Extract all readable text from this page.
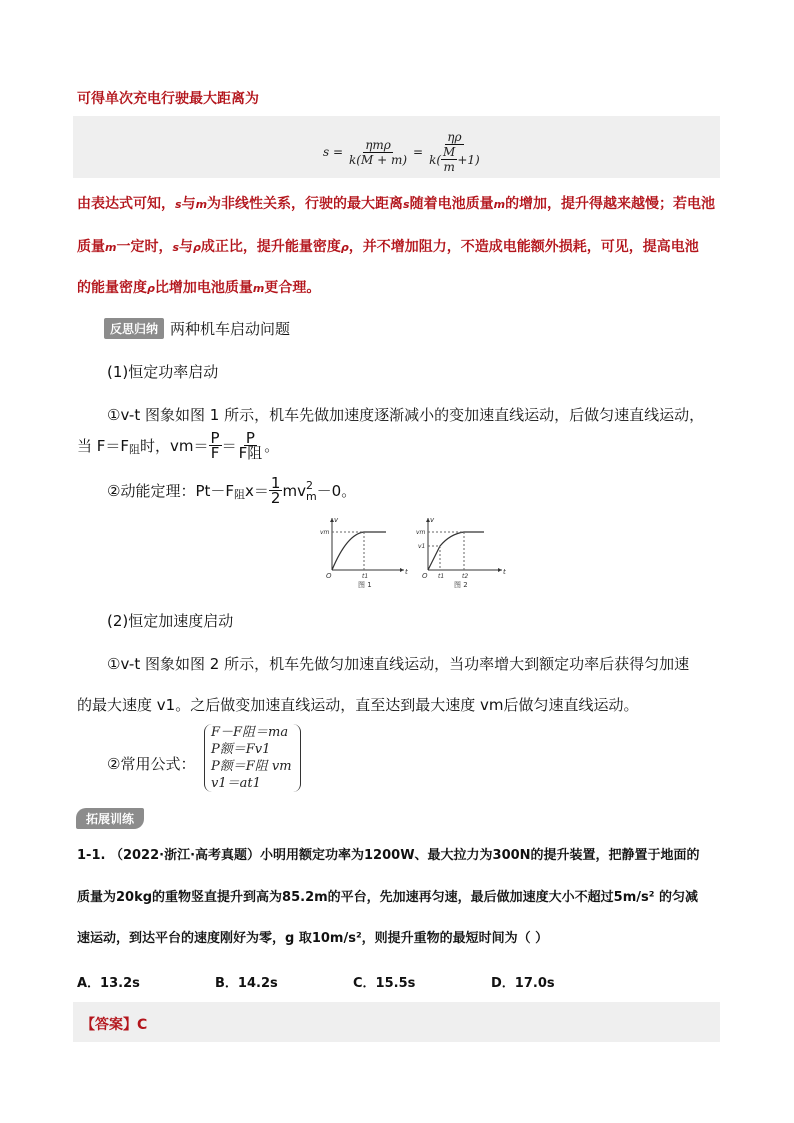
可得单次充电行驶最大距离为
$s = \frac{\text{ηmρ}}{k(M + m)} = \frac{\eta\rho}{k( \frac{M}{m} +1)}$
由表达式可知，s与m为非线性关系，行驶的最大距离s随着电池质量m的增加，提升得越来越慢；若电池
质量m一定时，s与ρ成正比，提升能量密度ρ，并不增加阻力，不造成电能额外损耗，可见，提高电池
的能量密度ρ比增加电池质量m更合理。
反思归纳 两种机车启动问题
(1)恒定功率启动
①v-t 图象如图 1 所示，机车先做加速度逐渐减小的变加速直线运动，后做匀速直线运动，
当 F＝F 阻 时，$vm= \frac{P}{F} = \frac{P}{\text{F阻}}$ 。
②动能定理：Pt－F 阻 $x= \frac{1}{2}$ mv 2
m －0。
v
t
O
vm
t1
图 1
v
t
O
vm
v1
t1	t2
图 2
(2)恒定加速度启动
①v-t 图象如图 2 所示，机车先做匀加速直线运动，当功率增大到额定功率后获得匀加速
的最大速度 v1。之后做变加速直线运动，直至达到最大速度 vm后做匀速直线运动。
②常用公式：
F－F阻＝ma
P额＝Fv1
P额＝F阻 vm
v1＝at1
拓展训练
1-1. （2022·浙江·高考真题）小明用额定功率为1200W、最大拉力为300N的提升装置，把静置于地面的
质量为20kg的重物竖直提升到高为85.2m的平台，先加速再匀速，最后做加速度大小不超过5m/s² 的匀减
速运动，到达平台的速度刚好为零，g 取10m/s²，则提升重物的最短时间为（ ）
A．13.2s	B．14.2s	C．15.5s	D．17.0s
【答案】C
